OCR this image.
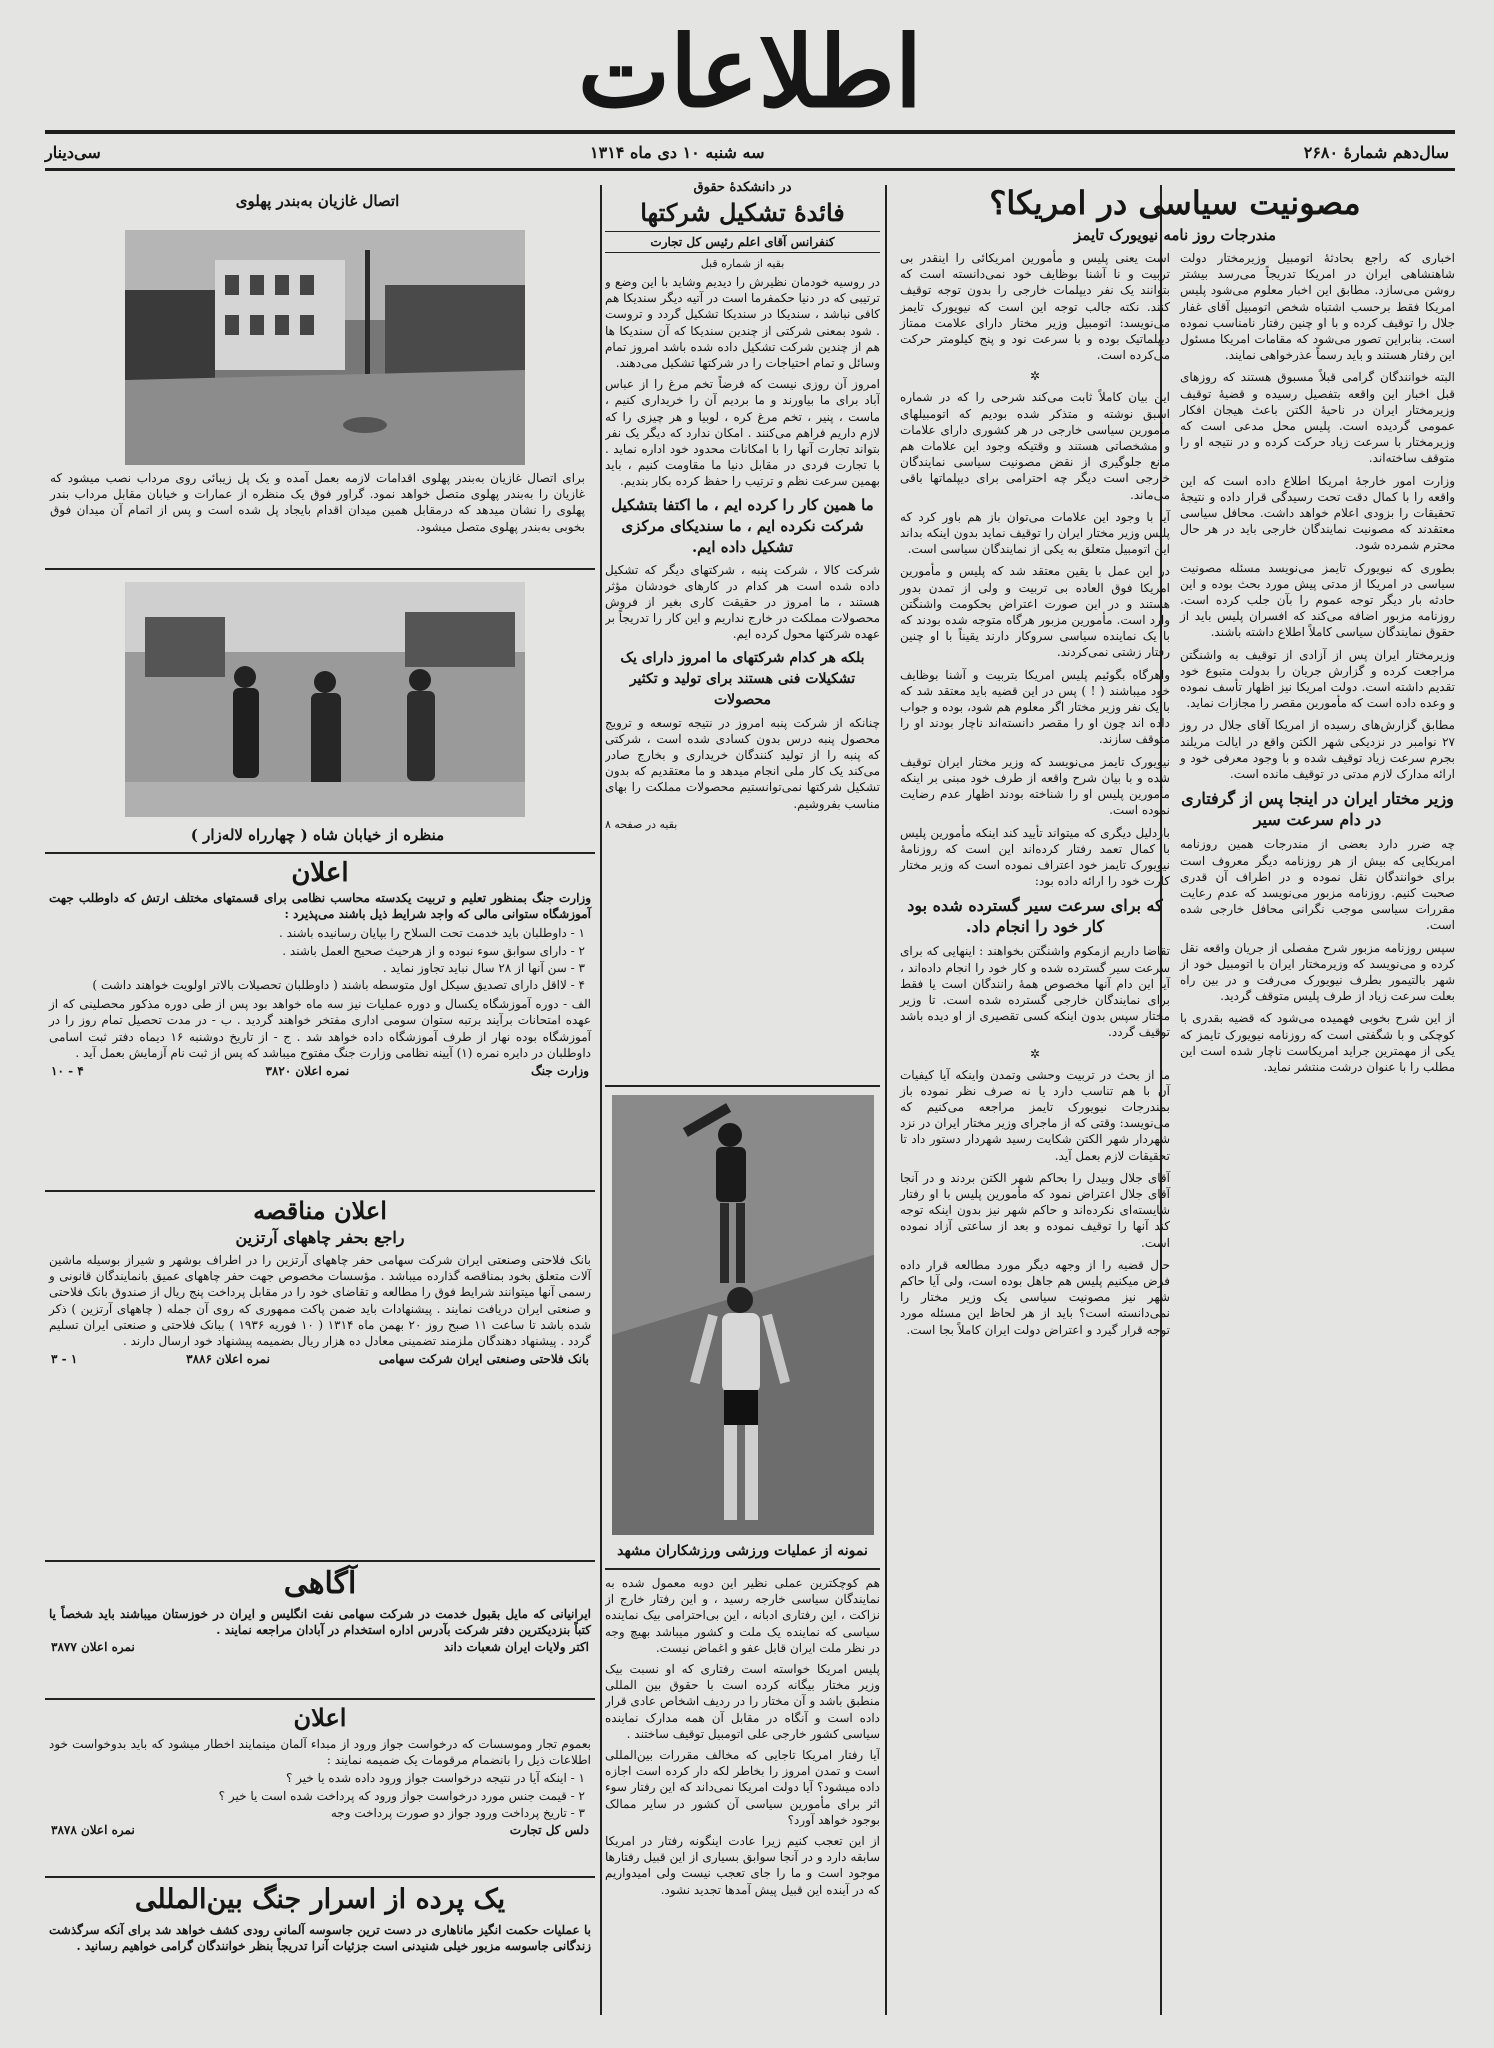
اطلاعات
سال‌دهم شمارهٔ ۲۶۸۰
سه شنبه ۱۰ دی ماه ۱۳۱۴
سی‌دینار
مصونیت سیاسی در امریکا؟
مندرجات روز نامه نیویورک تایمز

اخباری که راجع بحادثهٔ اتومبیل وزیرمختار دولت شاهنشاهی ایران در امریکا تدریجاً می‌رسد بیشتر روشن می‌سازد. مطابق این اخبار معلوم می‌شود پلیس امریکا فقط برحسب اشتباه شخص اتومبیل آقای غفار جلال را توقیف کرده و با او چنین رفتار نامناسب نموده است. بنابراین تصور می‌شود که مقامات امریکا مسئول این رفتار هستند و باید رسماً عذرخواهی نمایند.

البته خوانندگان گرامی قبلاً مسبوق هستند که روزهای قبل اخبار این واقعه بتفصیل رسیده و قضیهٔ توقیف وزیرمختار ایران در ناحیهٔ الکتن باعث هیجان افکار عمومی گردیده است. پلیس محل مدعی است که وزیرمختار با سرعت زیاد حرکت کرده و در نتیجه او را متوقف ساخته‌اند.

وزارت امور خارجهٔ امریکا اطلاع داده است که این واقعه را با کمال دقت تحت رسیدگی قرار داده و نتیجهٔ تحقیقات را بزودی اعلام خواهد داشت. محافل سیاسی معتقدند که مصونیت نمایندگان خارجی باید در هر حال محترم شمرده شود.

بطوری که نیویورک تایمز می‌نویسد مسئله مصونیت سیاسی در امریکا از مدتی پیش مورد بحث بوده و این حادثه بار دیگر توجه عموم را بآن جلب کرده است. روزنامه مزبور اضافه می‌کند که افسران پلیس باید از حقوق نمایندگان سیاسی کاملاً اطلاع داشته باشند.

وزیرمختار ایران پس از آزادی از توقیف به واشنگتن مراجعت کرده و گزارش جریان را بدولت متبوع خود تقدیم داشته است. دولت امریکا نیز اظهار تأسف نموده و وعده داده است که مأمورین مقصر را مجازات نماید.

مطابق گزارش‌های رسیده از امریکا آقای جلال در روز ۲۷ نوامبر در نزدیکی شهر الکتن واقع در ایالت مریلند بجرم سرعت زیاد توقیف شده و با وجود معرفی خود و ارائه مدارک لازم مدتی در توقیف مانده است.

وزیر مختار ایران در اینجا پس از گرفتاری در دام سرعت سیر

چه ضرر دارد بعضی از مندرجات همین روزنامه امریکایی که بیش از هر روزنامه دیگر معروف است برای خوانندگان نقل نموده و در اطراف آن قدری صحبت کنیم. روزنامه مزبور می‌نویسد که عدم رعایت مقررات سیاسی موجب نگرانی محافل خارجی شده است.

سپس روزنامه مزبور شرح مفصلی از جریان واقعه نقل کرده و می‌نویسد که وزیرمختار ایران با اتومبیل خود از شهر بالتیمور بطرف نیویورک می‌رفت و در بین راه بعلت سرعت زیاد از طرف پلیس متوقف گردید.

از این شرح بخوبی فهمیده می‌شود که قضیه بقدری با کوچکی و با شگفتی است که روزنامه نیویورک تایمز که یکی از مهمترین جراید امریکاست ناچار شده است این مطلب را با عنوان درشت منتشر نماید.

است یعنی پلیس و مأمورین امریکائی را اینقدر بی تربیت و نا آشنا بوظایف خود نمی‌دانسته است که بتوانند یک نفر دیپلمات خارجی را بدون توجه توقیف کنند. نکته جالب توجه این است که نیویورک تایمز می‌نویسد: اتومبیل وزیر مختار دارای علامت ممتاز دیپلماتیک بوده و با سرعت نود و پنج کیلومتر حرکت می‌کرده است.

✲

این بیان کاملاً ثابت می‌کند شرحی را که در شماره اسبق نوشته و متذکر شده بودیم که اتومبیلهای مأمورین سیاسی خارجی در هر کشوری دارای علامات و مشخصاتی هستند و وقتیکه وجود این علامات هم مانع جلوگیری از نقض مصونیت سیاسی نمایندگان خارجی است دیگر چه احترامی برای دیپلماتها باقی می‌ماند.

آیا با وجود این علامات می‌توان باز هم باور کرد که پلیس وزیر مختار ایران را توقیف نماید بدون اینکه بداند این اتومبیل متعلق به یکی از نمایندگان سیاسی است.

در این عمل با یقین معتقد شد که پلیس و مأمورین امریکا فوق العاده بی تربیت و ولی از تمدن بدور هستند و در این صورت اعتراض بحکومت واشنگتن وارد است. مأمورین مزبور هرگاه متوجه شده بودند که با یک نماینده سیاسی سروکار دارند یقیناً با او چنین رفتار زشتی نمی‌کردند.

واهرگاه بگوئیم پلیس امریکا بتربیت و آشنا بوظایف خود میباشند ( ! ) پس در این قضیه باید معتقد شد که با یک نفر وزیر مختار اگر معلوم هم شود، بوده و جواب داده اند چون او را مقصر دانسته‌اند ناچار بودند او را متوقف سازند.

نیویورک تایمز می‌نویسد که وزیر مختار ایران توقیف شده و با بیان شرح واقعه از طرف خود مبنی بر اینکه مأمورین پلیس او را شناخته بودند اظهار عدم رضایت نموده است.

بازدلیل دیگری که میتواند تأیید کند اینکه مأمورین پلیس با کمال تعمد رفتار کرده‌اند این است که روزنامهٔ نیویورک تایمز خود اعتراف نموده است که وزیر مختار کارت خود را ارائه داده بود:

که برای سرعت سیر گسترده شده بود کار خود را انجام داد.

تقاضا داریم ازمکوم واشنگتن بخواهند : اینهایی که برای سرعت سیر گسترده شده و کار خود را انجام داده‌اند ، آیا این دام آنها مخصوص همهٔ رانندگان است یا فقط برای نمایندگان خارجی گسترده شده است. تا وزیر مختار سپس بدون اینکه کسی تقصیری از او دیده باشد توقیف گردد.

✲

ما از بحث در تربیت وحشی وتمدن واینکه آیا کیفیات آن با هم تناسب دارد یا نه صرف نظر نموده باز بمندرجات نیویورک تایمز مراجعه می‌کنیم که می‌نویسد: وقتی که از ماجرای وزیر مختار ایران در نزد شهردار شهر الکتن شکایت رسید شهردار دستور داد تا تحقیقات لازم بعمل آید.

آقای جلال وبیدل را بحاکم شهر الکتن بردند و در آنجا آقای جلال اعتراض نمود که مأمورین پلیس با او رفتار شایسته‌ای نکرده‌اند و حاکم شهر نیز بدون اینکه توجه کند آنها را توقیف نموده و بعد از ساعتی آزاد نموده است.

حال قضیه را از وجهه دیگر مورد مطالعه قرار داده فرض میکنیم پلیس هم جاهل بوده است، ولی آیا حاکم شهر نیز مصونیت سیاسی یک وزیر مختار را نمی‌دانسته است؟ باید از هر لحاظ این مسئله مورد توجه قرار گیرد و اعتراض دولت ایران کاملاً بجا است.

در دانشکدهٔ حقوق
فائدهٔ تشکیل شرکتها
کنفرانس آقای اعلم رئیس کل تجارت
بقیه از شماره قبل

در روسیه خودمان نظیرش را دیدیم وشاید با این وضع و ترتیبی که در دنیا حکمفرما است در آتیه دیگر سندیکا هم کافی نباشد ، سندیکا در سندیکا تشکیل گردد و تروست . شود بمعنی شرکتی از چندین سندیکا که آن سندیکا ها هم از چندین شرکت تشکیل داده شده باشد امروز تمام وسائل و تمام احتیاجات را در شرکتها تشکیل می‌دهند.

امروز آن روزی نیست که فرضاً تخم مرغ را از عباس آباد برای ما بیاورند و ما بردیم آن را خریداری کنیم ، ماست ، پنیر ، تخم مرغ کره ، لوبیا و هر چیزی را که لازم داریم فراهم می‌کنند . امکان ندارد که دیگر یک نفر بتواند تجارت آنها را با امکانات محدود خود اداره نماید . با تجارت فردی در مقابل دنیا ما مقاومت کنیم ، باید بهمین سرعت نظم و ترتیب را حفظ کرده بکار بندیم.

ما همین کار را کرده ایم ، ما اکتفا بتشکیل شرکت نکرده ایم ، ما سندیکای مرکزی تشکیل داده ایم.

شرکت کالا ، شرکت پنبه ، شرکتهای دیگر که تشکیل داده شده است هر کدام در کارهای خودشان مؤثر هستند ، ما امروز در حقیقت کاری بغیر از فروش محصولات مملکت در خارج نداریم و این کار را تدریجاً بر عهده شرکتها محول کرده ایم.

بلکه هر کدام شرکتهای ما امروز دارای یک تشکیلات فنی هستند برای تولید و تکثیر محصولات

چنانکه از شرکت پنبه امروز در نتیجه توسعه و ترویج محصول پنبه درس بدون کسادی شده است ، شرکتی که پنبه را از تولید کنندگان خریداری و بخارج صادر می‌کند یک کار ملی انجام میدهد و ما معتقدیم که بدون تشکیل شرکتها نمی‌توانستیم محصولات مملکت را بهای مناسب بفروشیم.

بقیه در صفحه ۸
نمونه از عملیات ورزشی ورزشکاران مشهد

هم کوچکترین عملی نظیر این دوبه معمول شده به نمایندگان سیاسی خارجه رسید ، و این رفتار خارج از نزاکت ، این رفتاری ادبانه ، این بی‌احترامی بیک نماینده سیاسی که نماینده یک ملت و کشور میباشد بهیچ وجه در نظر ملت ایران قابل عفو و اغماض نیست.

پلیس امریکا خواسته است رفتاری که او نسبت بیک وزیر مختار بیگانه کرده است با حقوق بین المللی منطبق باشد و آن مختار را در ردیف اشخاص عادی قرار داده است و آنگاه در مقابل آن همه مدارک نماینده سیاسی کشور خارجی علی اتومبیل توقیف ساختند .

آیا رفتار امریکا تاجایی که مخالف مقررات بین‌المللی است و تمدن امروز را بخاطر لکه دار کرده است اجازه داده میشود؟ آیا دولت امریکا نمی‌داند که این رفتار سوء اثر برای مأمورین سیاسی آن کشور در سایر ممالک بوجود خواهد آورد؟

از این تعجب کنیم زیرا عادت اینگونه رفتار در امریکا سابقه دارد و در آنجا سوابق بسیاری از این قبیل رفتارها موجود است و ما را جای تعجب نیست ولی امیدواریم که در آینده این قبیل پیش آمدها تجدید نشود.

اتصال غازیان به‌بندر پهلوی

برای اتصال غازیان به‌بندر پهلوی اقدامات لازمه بعمل آمده و یک پل زیبائی روی مرداب نصب میشود که غازیان را به‌بندر پهلوی متصل خواهد نمود. گراور فوق یک منظره از عمارات و خیابان مقابل مرداب بندر پهلوی را نشان میدهد که درمقابل همین میدان اقدام بایجاد پل شده است و پس از اتمام آن میدان فوق بخوبی به‌بندر پهلوی متصل میشود.

منظره از خیابان شاه ( چهارراه لاله‌زار )
اعلان

وزارت جنگ بمنظور تعلیم و تربیت یکدسته محاسب نظامی برای قسمتهای مختلف ارتش که داوطلب جهت آموزشگاه ستوانی مالی که واجد شرایط ذیل باشند می‌پذیرد :

۱ - داوطلبان باید خدمت تحت السلاح را بپایان رسانیده باشند .

۲ - دارای سوابق سوء نبوده و از هرحیث صحیح العمل باشند .

۳ - سن آنها از ۲۸ سال نباید تجاوز نماید .

۴ - لااقل دارای تصدیق سیکل اول متوسطه باشند ( داوطلبان تحصیلات بالاتر اولویت خواهند داشت )

الف - دوره آموزشگاه یکسال و دوره عملیات نیز سه ماه خواهد بود پس از طی دوره مذکور محصلینی که از عهده امتحانات برآیند برتبه ستوان سومی اداری مفتخر خواهند گردید . ب - در مدت تحصیل تمام روز را در آموزشگاه بوده نهار از طرف آموزشگاه داده خواهد شد . ج - از تاریخ دوشنبه ۱۶ دیماه دفتر ثبت اسامی داوطلبان در دایره نمره (۱) آیینه نظامی وزارت جنگ مفتوح میباشد که پس از ثبت نام آزمایش بعمل آید .

وزارت جنگ
نمره اعلان ۳۸۲۰
۴ - ۱۰
اعلان مناقصه
راجع بحفر چاههای آرتزین

بانک فلاحتی وصنعتی ایران شرکت سهامی حفر چاههای آرتزین را در اطراف بوشهر و شیراز بوسیله ماشین آلات متعلق بخود بمناقصه گذارده میباشد . مؤسسات مخصوص جهت حفر چاههای عمیق بانمایندگان قانونی و رسمی آنها میتوانند شرایط فوق را مطالعه و تقاضای خود را در مقابل پرداخت پنج ریال از صندوق بانک فلاحتی و صنعتی ایران دریافت نمایند . پیشنهادات باید ضمن پاکت ممهوری که روی آن جمله ( چاههای آرتزین ) ذکر شده باشد تا ساعت ۱۱ صبح روز ۲۰ بهمن ماه ۱۳۱۴ ( ۱۰ فوریه ۱۹۳۶ ) ببانک فلاحتی و صنعتی ایران تسلیم گردد . پیشنهاد دهندگان ملزمند تضمینی معادل ده هزار ریال بضمیمه پیشنهاد خود ارسال دارند .

بانک فلاحتی وصنعتی ایران شرکت سهامی
نمره اعلان ۳۸۸۶
۱ - ۳
آگاهی

ایرانیانی که مایل بقبول خدمت در شرکت سهامی نفت انگلیس و ایران در خوزستان میباشند باید شخصاً یا کتباً بنزدیکترین دفتر شرکت بآدرس اداره استخدام در آبادان مراجعه نمایند .

اکتر ولایات ایران شعبات داند
نمره اعلان ۳۸۷۷
اعلان

بعموم تجار وموسسات که درخواست جواز ورود از مبداء آلمان مینمایند اخطار میشود که باید بدوخواست خود اطلاعات ذیل را بانضمام مرقومات یک ضمیمه نمایند :

۱ - اینکه آیا در نتیجه درخواست جواز ورود داده شده یا خیر ؟

۲ - قیمت جنس مورد درخواست جواز ورود که پرداخت شده است یا خیر ؟

۳ - تاریخ پرداخت ورود جواز دو صورت پرداخت وجه

دلس کل تجارت
نمره اعلان ۳۸۷۸
یک پرده از اسرار جنگ بین‌المللی

با عملیات حکمت انگیز ماناهاری در دست ترین جاسوسه آلمانی رودی کشف خواهد شد برای آنکه سرگذشت زندگانی جاسوسه مزبور خیلی شنیدنی است جزئیات آنرا تدریجاً بنظر خوانندگان گرامی خواهیم رسانید .
